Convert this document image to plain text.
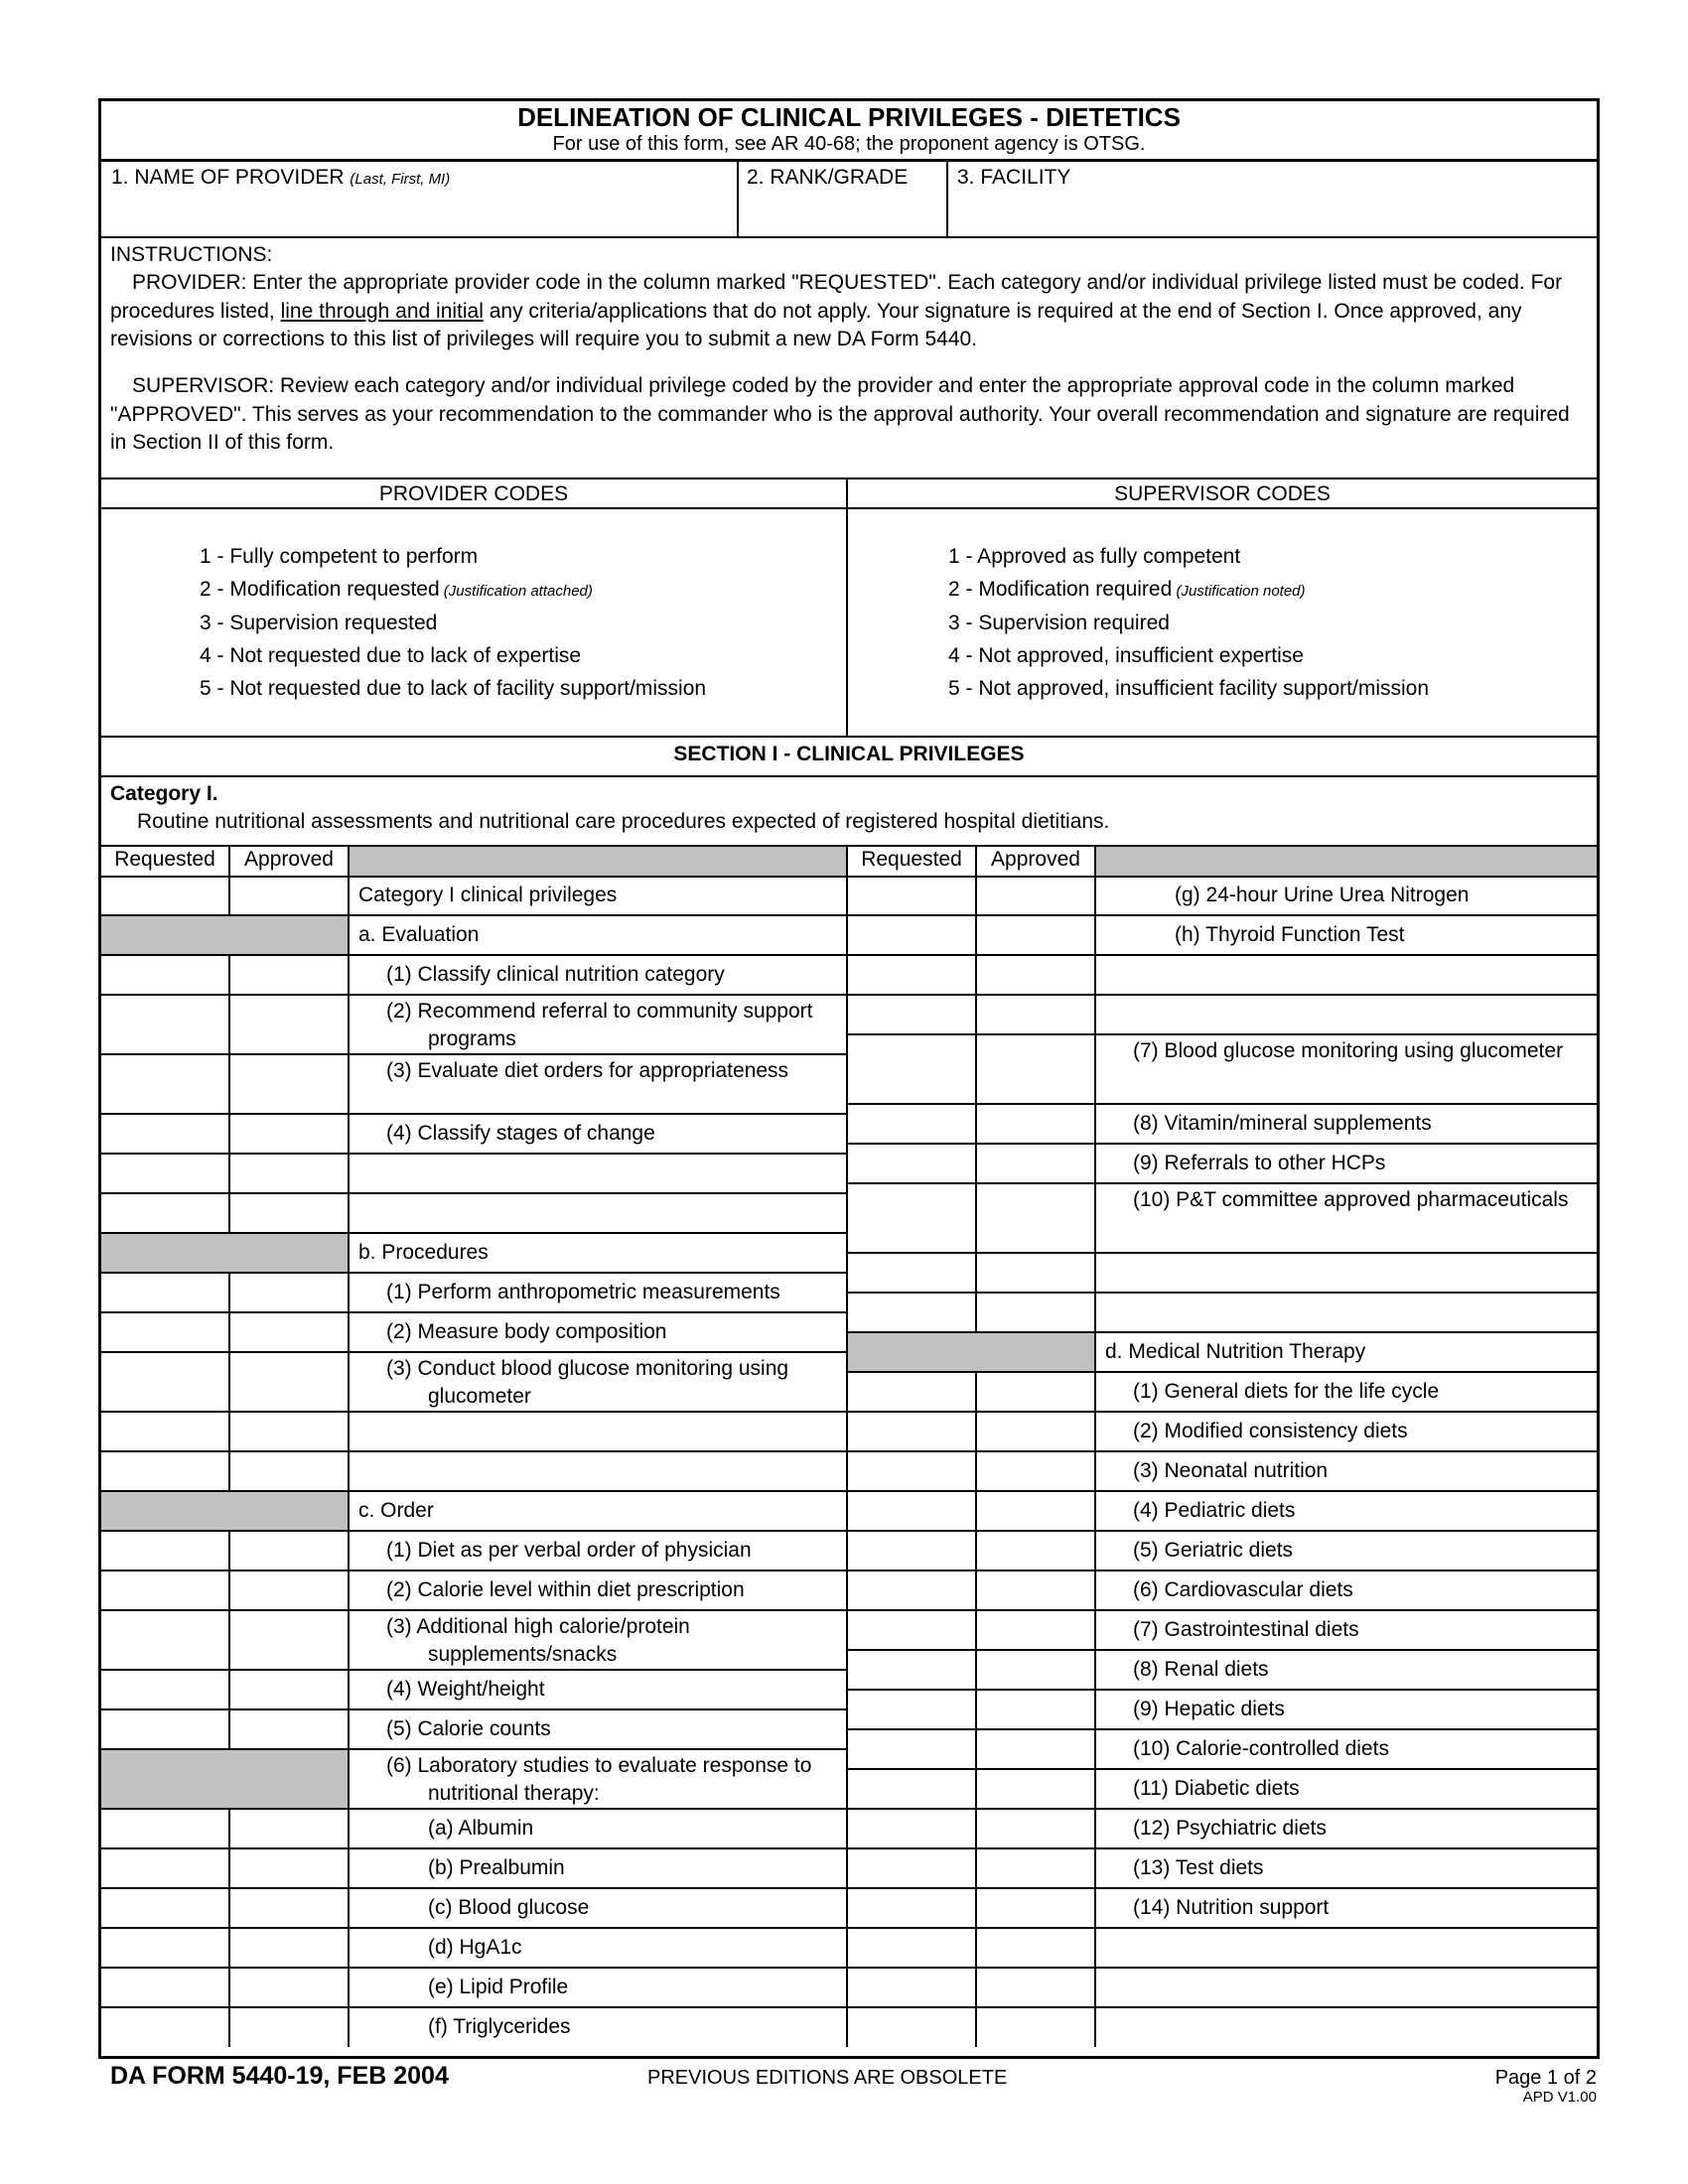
DELINEATION OF CLINICAL PRIVILEGES - DIETETICS
For use of this form, see AR 40-68; the proponent agency is OTSG.
1. NAME OF PROVIDER (Last, First, MI)	2. RANK/GRADE 3. FACILITY
INSTRUCTIONS:
PROVIDER: Enter the appropriate provider code in the column marked "REQUESTED". Each category and/or individual privilege listed must be coded. For procedures listed, line through and initial any criteria/applications that do not apply. Your signature is required at the end of Section I. Once approved, any revisions or corrections to this list of privileges will require you to submit a new DA Form 5440.
SUPERVISOR: Review each category and/or individual privilege coded by the provider and enter the appropriate approval code in the column marked "APPROVED". This serves as your recommendation to the commander who is the approval authority. Your overall recommendation and signature are required in Section II of this form.
PROVIDER CODES	SUPERVISOR CODES
1 - Fully competent to perform
2 - Modification requested (Justification attached)
3 - Supervision requested
4 - Not requested due to lack of expertise
5 - Not requested due to lack of facility support/mission
1 - Approved as fully competent
2 - Modification required (Justification noted)
3 - Supervision required
4 - Not approved, insufficient expertise
5 - Not approved, insufficient facility support/mission
SECTION I - CLINICAL PRIVILEGES
Category I.
Routine nutritional assessments and nutritional care procedures expected of registered hospital dietitians.
Requested	Approved	Requested	Approved
Category I clinical privileges
a. Evaluation
(1) Classify clinical nutrition category
(2) Recommend referral to community support programs
(3) Evaluate diet orders for appropriateness
(4) Classify stages of change
b. Procedures
(1) Perform anthropometric measurements
(2) Measure body composition
(3) Conduct blood glucose monitoring using glucometer
c. Order
(1) Diet as per verbal order of physician
(2) Calorie level within diet prescription
(3) Additional high calorie/protein supplements/snacks
(4) Weight/height
(5) Calorie counts
(6) Laboratory studies to evaluate response to nutritional therapy:
(a) Albumin
(b) Prealbumin
(c) Blood glucose
(d) HgA1c
(e) Lipid Profile
(f) Triglycerides
(g) 24-hour Urine Urea Nitrogen
(h) Thyroid Function Test
(7) Blood glucose monitoring using glucometer
(8) Vitamin/mineral supplements
(9) Referrals to other HCPs
(10) P&T committee approved pharmaceuticals
d. Medical Nutrition Therapy
(1) General diets for the life cycle
(2) Modified consistency diets
(3) Neonatal nutrition
(4) Pediatric diets
(5) Geriatric diets
(6) Cardiovascular diets
(7) Gastrointestinal diets
(8) Renal diets
(9) Hepatic diets
(10) Calorie-controlled diets
(11) Diabetic diets
(12) Psychiatric diets
(13) Test diets
(14) Nutrition support
DA FORM 5440-19, FEB 2004	PREVIOUS EDITIONS ARE OBSOLETE	Page 1 of 2
APD V1.00
